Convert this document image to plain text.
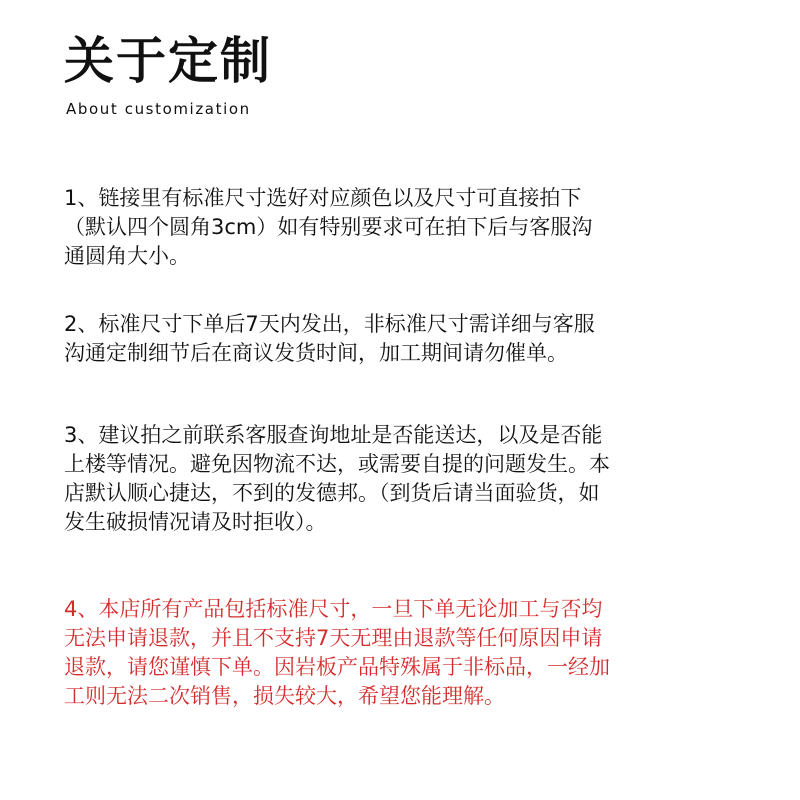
关于定制
About customization
1、链接里有标准尺寸选好对应颜色以及尺寸可直接拍下
（默认四个圆角3cm）如有特别要求可在拍下后与客服沟
通圆角大小。
2、标准尺寸下单后7天内发出，非标准尺寸需详细与客服
沟通定制细节后在商议发货时间，加工期间请勿催单。
3、建议拍之前联系客服查询地址是否能送达，以及是否能
上楼等情况。避免因物流不达，或需要自提的问题发生。本
店默认顺心捷达，不到的发德邦。（到货后请当面验货，如
发生破损情况请及时拒收）。
4、本店所有产品包括标准尺寸，一旦下单无论加工与否均
无法申请退款，并且不支持7天无理由退款等任何原因申请
退款，请您谨慎下单。因岩板产品特殊属于非标品，一经加
工则无法二次销售，损失较大，希望您能理解。
